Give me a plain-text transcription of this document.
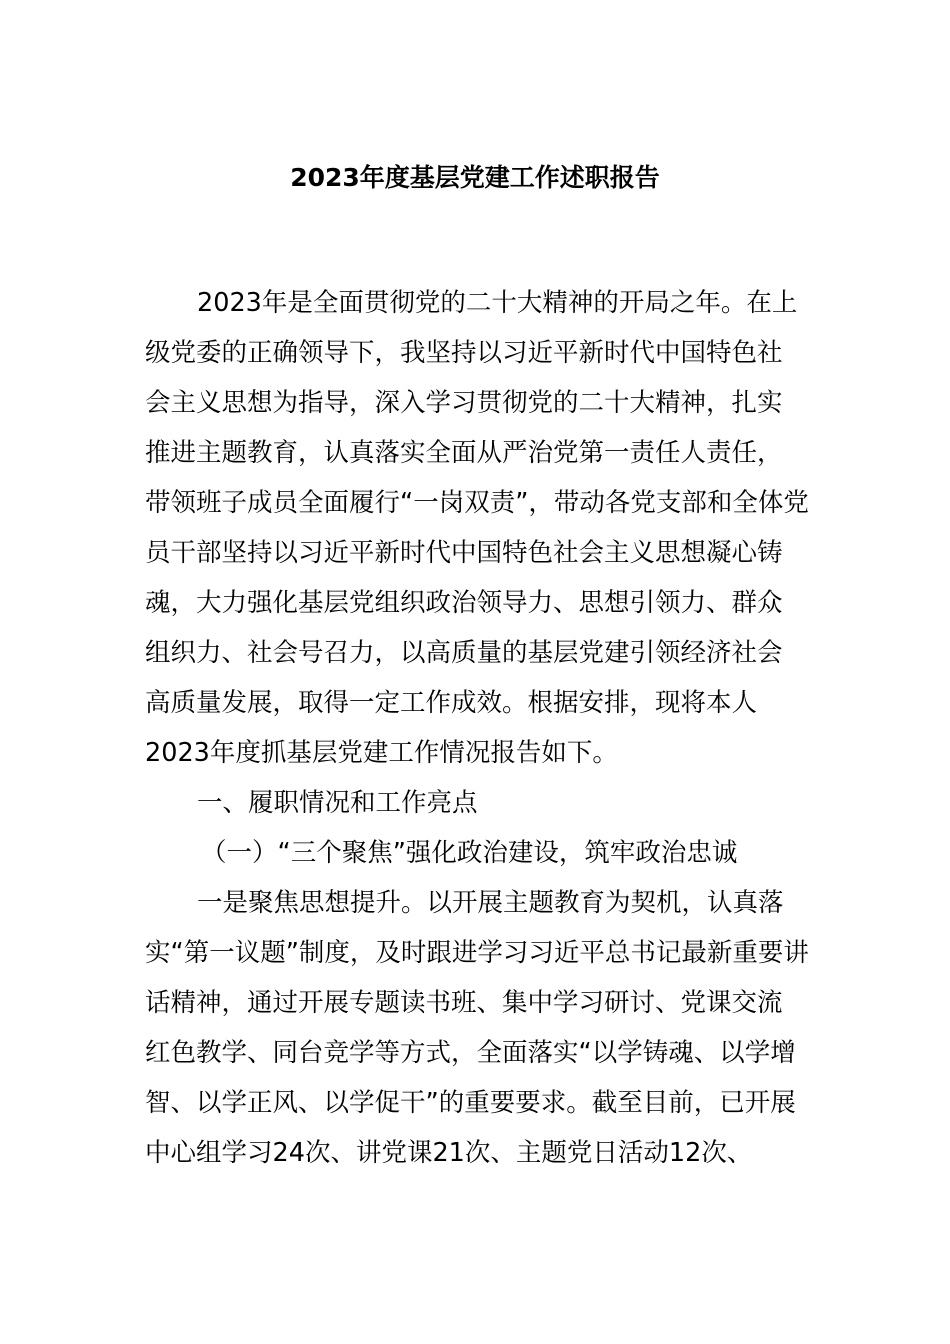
2023年度基层党建工作述职报告

2023年是全面贯彻党的二十大精神的开局之年。在上

级党委的正确领导下，我坚持以习近平新时代中国特色社

会主义思想为指导，深入学习贯彻党的二十大精神，扎实

推进主题教育，认真落实全面从严治党第一责任人责任，

带领班子成员全面履行“一岗双责”，带动各党支部和全体党

员干部坚持以习近平新时代中国特色社会主义思想凝心铸

魂，大力强化基层党组织政治领导力、思想引领力、群众

组织力、社会号召力，以高质量的基层党建引领经济社会

高质量发展，取得一定工作成效。根据安排，现将本人

2023年度抓基层党建工作情况报告如下。

一、履职情况和工作亮点

（一）“三个聚焦”强化政治建设，筑牢政治忠诚

一是聚焦思想提升。以开展主题教育为契机，认真落

实“第一议题”制度，及时跟进学习习近平总书记最新重要讲

话精神，通过开展专题读书班、集中学习研讨、党课交流

红色教学、同台竞学等方式，全面落实“以学铸魂、以学增

智、以学正风、以学促干”的重要要求。截至目前，已开展

中心组学习24次、讲党课21次、主题党日活动12次、
